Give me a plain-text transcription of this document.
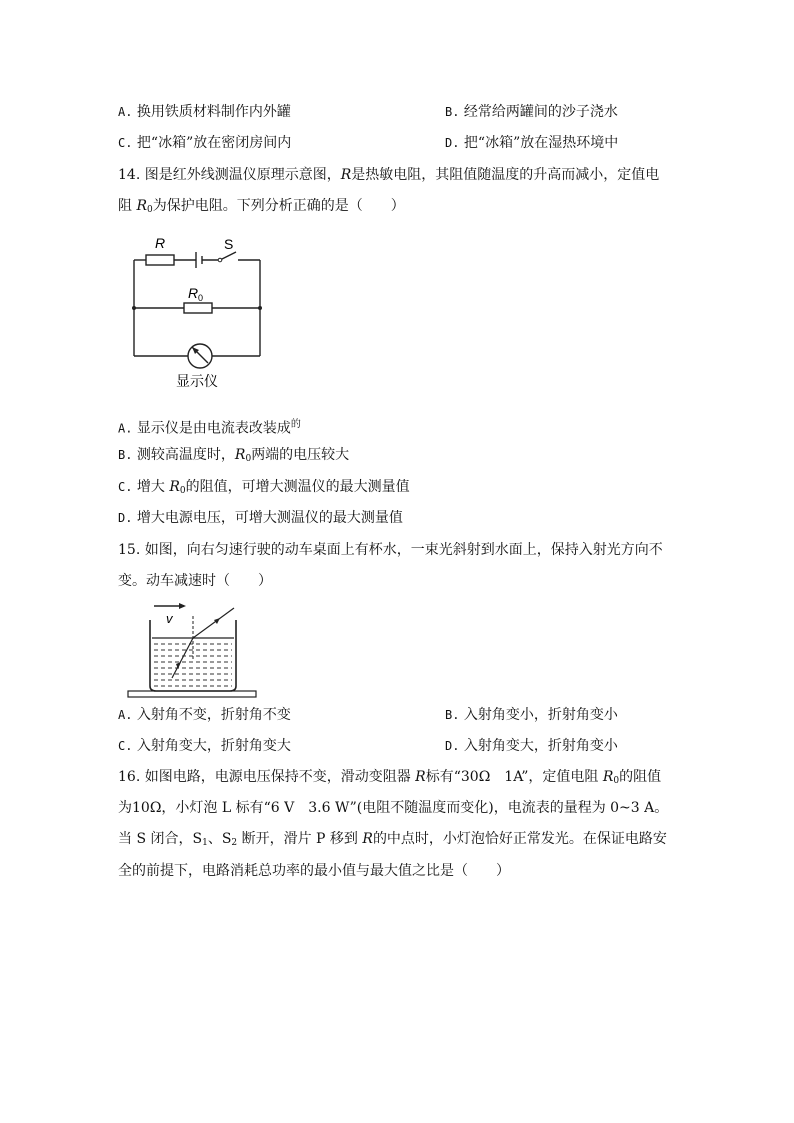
A. 换用铁质材料制作内外罐	B. 经常给两罐间的沙子浇水
C. 把“冰箱”放在密闭房间内	D. 把“冰箱”放在湿热环境中
14. 图是红外线测温仪原理示意图，R是热敏电阻，其阻值随温度的升高而减小，定值电
阻 $R_0$为保护电阻。下列分析正确的是（　　）
R	S
R 0
显示仪
A. 显示仪是由电流表改装成$^的$
B. 测较高温度时，$R_0$两端的电压较大
C. 增大 $R_0$的阻值，可增大测温仪的最大测量值
D. 增大电源电压，可增大测温仪的最大测量值
15. 如图，向右匀速行驶的动车桌面上有杯水，一束光斜射到水面上，保持入射光方向不
变。动车减速时（　　）
v
A. 入射角不变，折射角不变	B. 入射角变小，折射角变小
C. 入射角变大，折射角变大	D. 入射角变大，折射角变小
16. 如图电路，电源电压保持不变，滑动变阻器 R标有“30Ω　1A”，定值电阻 $R_0$的阻值
为10Ω，小灯泡 L 标有“6 V　3.6 W”(电阻不随温度而变化)，电流表的量程为 0~3 A。
当 S 闭合，$S_1$、$S_2$ 断开，滑片 P 移到 R的中点时，小灯泡恰好正常发光。在保证电路安
全的前提下，电路消耗总功率的最小值与最大值之比是（　　）
